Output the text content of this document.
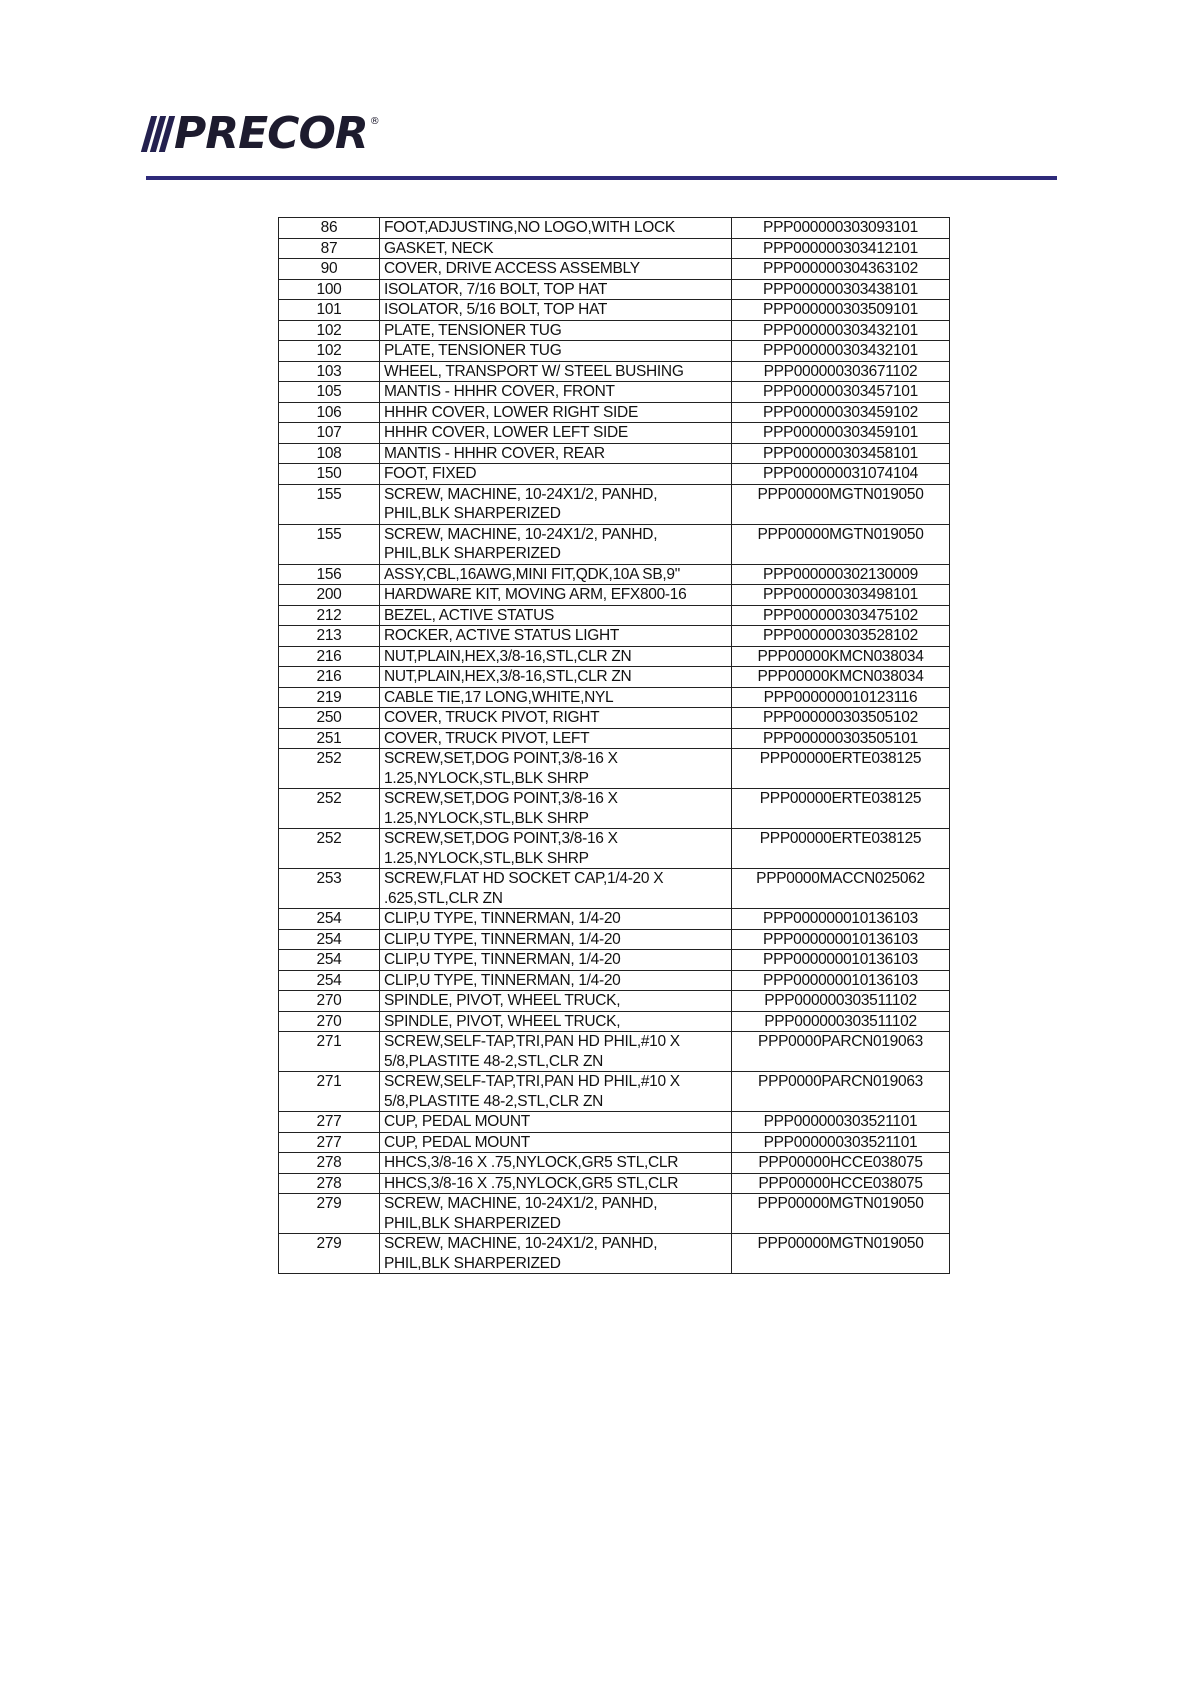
PRECOR ®
86	FOOT,ADJUSTING,NO LOGO,WITH LOCK	PPP000000303093101
87	GASKET, NECK	PPP000000303412101
90	COVER, DRIVE ACCESS ASSEMBLY	PPP000000304363102
100	ISOLATOR, 7/16 BOLT, TOP HAT	PPP000000303438101
101	ISOLATOR, 5/16 BOLT, TOP HAT	PPP000000303509101
102	PLATE, TENSIONER TUG	PPP000000303432101
102	PLATE, TENSIONER TUG	PPP000000303432101
103	WHEEL, TRANSPORT W/ STEEL BUSHING	PPP000000303671102
105	MANTIS - HHHR COVER, FRONT	PPP000000303457101
106	HHHR COVER, LOWER RIGHT SIDE	PPP000000303459102
107	HHHR COVER, LOWER LEFT SIDE	PPP000000303459101
108	MANTIS - HHHR COVER, REAR	PPP000000303458101
150	FOOT, FIXED	PPP000000031074104
155	SCREW, MACHINE, 10-24X1/2, PANHD,
PHIL,BLK SHARPERIZED	PPP00000MGTN019050
155	SCREW, MACHINE, 10-24X1/2, PANHD,
PHIL,BLK SHARPERIZED	PPP00000MGTN019050
156	ASSY,CBL,16AWG,MINI FIT,QDK,10A SB,9"	PPP000000302130009
200	HARDWARE KIT, MOVING ARM, EFX800-16	PPP000000303498101
212	BEZEL, ACTIVE STATUS	PPP000000303475102
213	ROCKER, ACTIVE STATUS LIGHT	PPP000000303528102
216	NUT,PLAIN,HEX,3/8-16,STL,CLR ZN	PPP00000KMCN038034
216	NUT,PLAIN,HEX,3/8-16,STL,CLR ZN	PPP00000KMCN038034
219	CABLE TIE,17 LONG,WHITE,NYL	PPP000000010123116
250	COVER, TRUCK PIVOT, RIGHT	PPP000000303505102
251	COVER, TRUCK PIVOT, LEFT	PPP000000303505101
252	SCREW,SET,DOG POINT,3/8-16 X
1.25,NYLOCK,STL,BLK SHRP	PPP00000ERTE038125
252	SCREW,SET,DOG POINT,3/8-16 X
1.25,NYLOCK,STL,BLK SHRP	PPP00000ERTE038125
252	SCREW,SET,DOG POINT,3/8-16 X
1.25,NYLOCK,STL,BLK SHRP	PPP00000ERTE038125
253	SCREW,FLAT HD SOCKET CAP,1/4-20 X
.625,STL,CLR ZN	PPP0000MACCN025062
254	CLIP,U TYPE, TINNERMAN, 1/4-20	PPP000000010136103
254	CLIP,U TYPE, TINNERMAN, 1/4-20	PPP000000010136103
254	CLIP,U TYPE, TINNERMAN, 1/4-20	PPP000000010136103
254	CLIP,U TYPE, TINNERMAN, 1/4-20	PPP000000010136103
270	SPINDLE, PIVOT, WHEEL TRUCK,	PPP000000303511102
270	SPINDLE, PIVOT, WHEEL TRUCK,	PPP000000303511102
271	SCREW,SELF-TAP,TRI,PAN HD PHIL,#10 X
5/8,PLASTITE 48-2,STL,CLR ZN	PPP0000PARCN019063
271	SCREW,SELF-TAP,TRI,PAN HD PHIL,#10 X
5/8,PLASTITE 48-2,STL,CLR ZN	PPP0000PARCN019063
277	CUP, PEDAL MOUNT	PPP000000303521101
277	CUP, PEDAL MOUNT	PPP000000303521101
278	HHCS,3/8-16 X .75,NYLOCK,GR5 STL,CLR	PPP00000HCCE038075
278	HHCS,3/8-16 X .75,NYLOCK,GR5 STL,CLR	PPP00000HCCE038075
279	SCREW, MACHINE, 10-24X1/2, PANHD,
PHIL,BLK SHARPERIZED	PPP00000MGTN019050
279	SCREW, MACHINE, 10-24X1/2, PANHD,
PHIL,BLK SHARPERIZED	PPP00000MGTN019050
